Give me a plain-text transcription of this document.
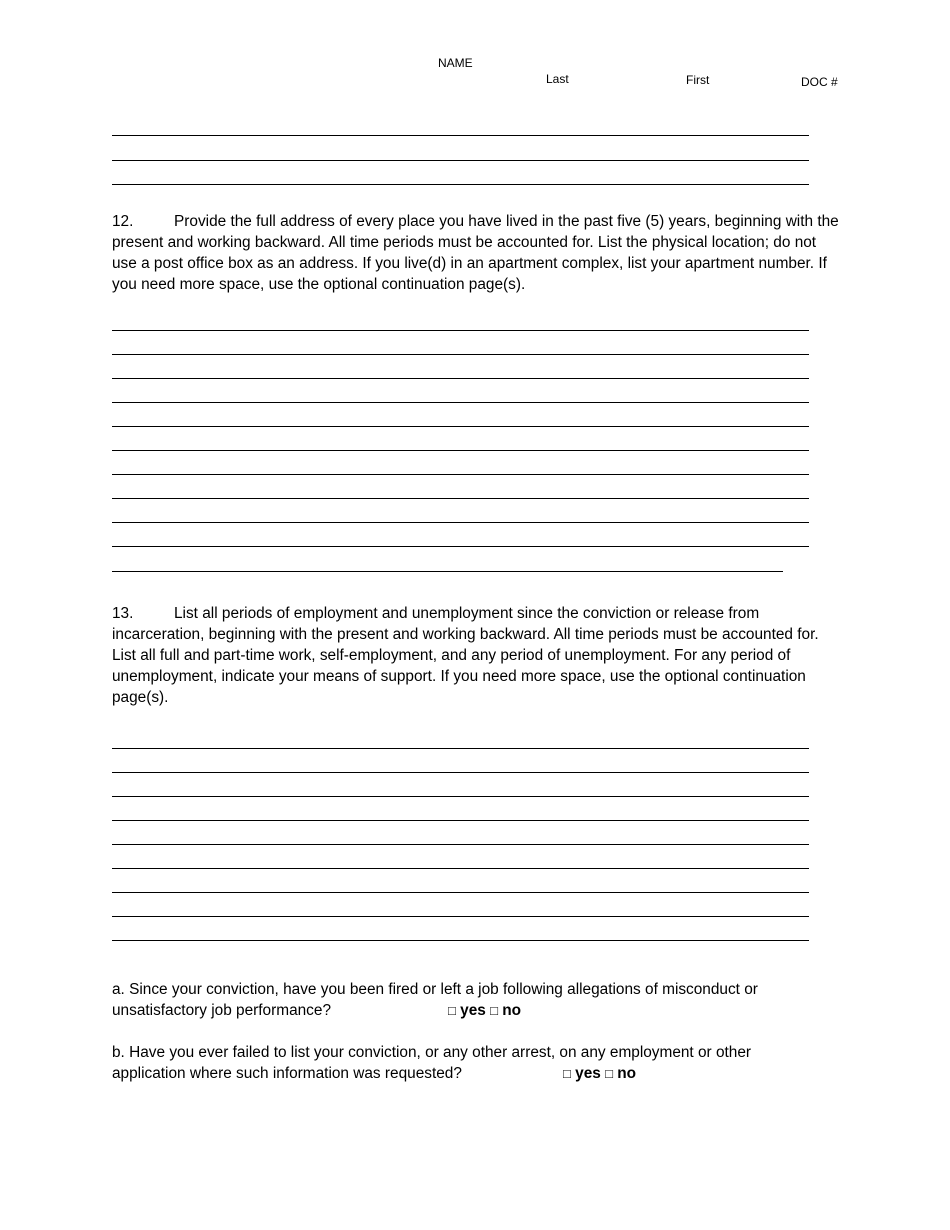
NAME
Last	First	DOC #

12.	Provide the full address of every place you have lived in the past five (5) years, beginning with the present and working backward. All time periods must be accounted for. List the physical location; do not use a post office box as an address. If you live(d) in an apartment complex, list your apartment number. If you need more space, use the optional continuation page(s).

13.	List all periods of employment and unemployment since the conviction or release from incarceration, beginning with the present and working backward. All time periods must be accounted for. List all full and part-time work, self-employment, and any period of unemployment. For any period of unemployment, indicate your means of support. If you need more space, use the optional continuation page(s).

a. Since your conviction, have you been fired or left a job following allegations of misconduct or unsatisfactory job performance?	□ yes □ no

b. Have you ever failed to list your conviction, or any other arrest, on any employment or other application where such information was requested?	□ yes □ no
